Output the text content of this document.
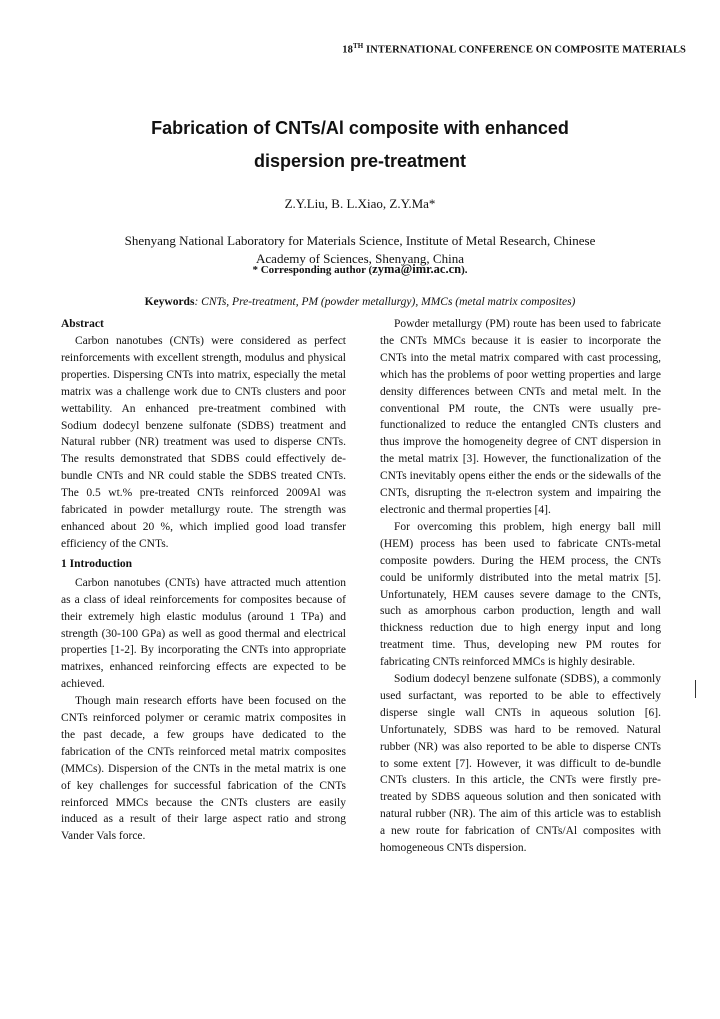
18TH INTERNATIONAL CONFERENCE ON COMPOSITE MATERIALS
Fabrication of CNTs/Al composite with enhanced
dispersion pre-treatment
Z.Y.Liu, B. L.Xiao, Z.Y.Ma*
Shenyang National Laboratory for Materials Science, Institute of Metal Research, Chinese
Academy of Sciences, Shenyang, China
* Corresponding author (zyma@imr.ac.cn).
Keywords: CNTs, Pre-treatment, PM (powder metallurgy), MMCs (metal matrix composites)
Abstract

Carbon nanotubes (CNTs) were considered as perfect reinforcements with excellent strength, modulus and physical properties. Dispersing CNTs into matrix, especially the metal matrix was a challenge work due to CNTs clusters and poor wettability. An enhanced pre-treatment combined with Sodium dodecyl benzene sulfonate (SDBS) treatment and Natural rubber (NR) treatment was used to disperse CNTs. The results demonstrated that SDBS could effectively de-bundle CNTs and NR could stable the SDBS treated CNTs. The 0.5 wt.% pre-treated CNTs reinforced 2009Al was fabricated in powder metallurgy route. The strength was enhanced about 20 %, which implied good load transfer efficiency of the CNTs.

1 Introduction

Carbon nanotubes (CNTs) have attracted much attention as a class of ideal reinforcements for composites because of their extremely high elastic modulus (around 1 TPa) and strength (30-100 GPa) as well as good thermal and electrical properties [1-2]. By incorporating the CNTs into appropriate matrixes, enhanced reinforcing effects are expected to be achieved.

Though main research efforts have been focused on the CNTs reinforced polymer or ceramic matrix composites in the past decade, a few groups have dedicated to the fabrication of the CNTs reinforced metal matrix composites (MMCs). Dispersion of the CNTs in the metal matrix is one of key challenges for successful fabrication of the CNTs reinforced MMCs because the CNTs clusters are easily induced as a result of their large aspect ratio and strong Vander Vals force.

Powder metallurgy (PM) route has been used to fabricate the CNTs MMCs because it is easier to incorporate the CNTs into the metal matrix compared with cast processing, which has the problems of poor wetting properties and large density differences between CNTs and metal melt. In the conventional PM route, the CNTs were usually pre-functionalized to reduce the entangled CNTs clusters and thus improve the homogeneity degree of CNT dispersion in the metal matrix [3]. However, the functionalization of the CNTs inevitably opens either the ends or the sidewalls of the CNTs, disrupting the π-electron system and impairing the electronic and thermal properties [4].

For overcoming this problem, high energy ball mill (HEM) process has been used to fabricate CNTs-metal composite powders. During the HEM process, the CNTs could be uniformly distributed into the metal matrix [5]. Unfortunately, HEM causes severe damage to the CNTs, such as amorphous carbon production, length and wall thickness reduction due to high energy input and long treatment time. Thus, developing new PM routes for fabricating CNTs reinforced MMCs is highly desirable.

Sodium dodecyl benzene sulfonate (SDBS), a commonly used surfactant, was reported to be able to effectively disperse single wall CNTs in aqueous solution [6]. Unfortunately, SDBS was hard to be removed. Natural rubber (NR) was also reported to be able to disperse CNTs to some extent [7]. However, it was difficult to de-bundle CNTs clusters. In this article, the CNTs were firstly pre-treated by SDBS aqueous solution and then sonicated with natural rubber (NR). The aim of this article was to establish a new route for fabrication of CNTs/Al composites with homogeneous CNTs dispersion.
